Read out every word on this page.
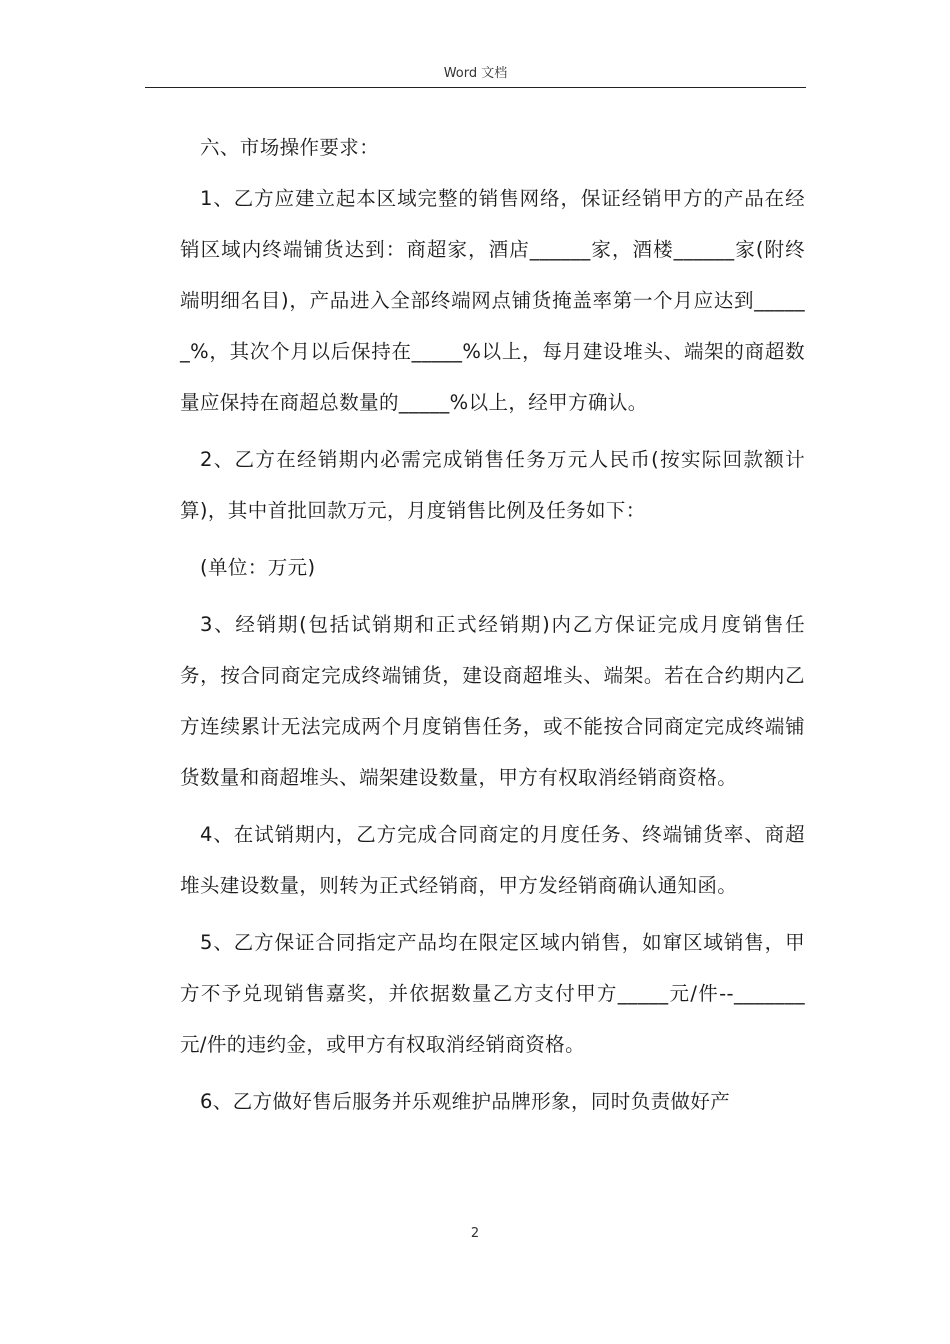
Word 文档

六、市场操作要求：

1、乙方应建立起本区域完整的销售网络，保证经销甲方的产品在经销区域内终端铺货达到：商超家，酒店______家，酒楼______家(附终端明细名目)，产品进入全部终端网点铺货掩盖率第一个月应达到______%，其次个月以后保持在_____%以上，每月建设堆头、端架的商超数量应保持在商超总数量的_____%以上，经甲方确认。

2、乙方在经销期内必需完成销售任务万元人民币(按实际回款额计算)，其中首批回款万元，月度销售比例及任务如下：

(单位：万元)

3、经销期(包括试销期和正式经销期)内乙方保证完成月度销售任务，按合同商定完成终端铺货，建设商超堆头、端架。若在合约期内乙方连续累计无法完成两个月度销售任务，或不能按合同商定完成终端铺货数量和商超堆头、端架建设数量，甲方有权取消经销商资格。

4、在试销期内，乙方完成合同商定的月度任务、终端铺货率、商超堆头建设数量，则转为正式经销商，甲方发经销商确认通知函。

5、乙方保证合同指定产品均在限定区域内销售，如窜区域销售，甲方不予兑现销售嘉奖，并依据数量乙方支付甲方_____元/件--_______元/件的违约金，或甲方有权取消经销商资格。

6、乙方做好售后服务并乐观维护品牌形象，同时负责做好产

2
